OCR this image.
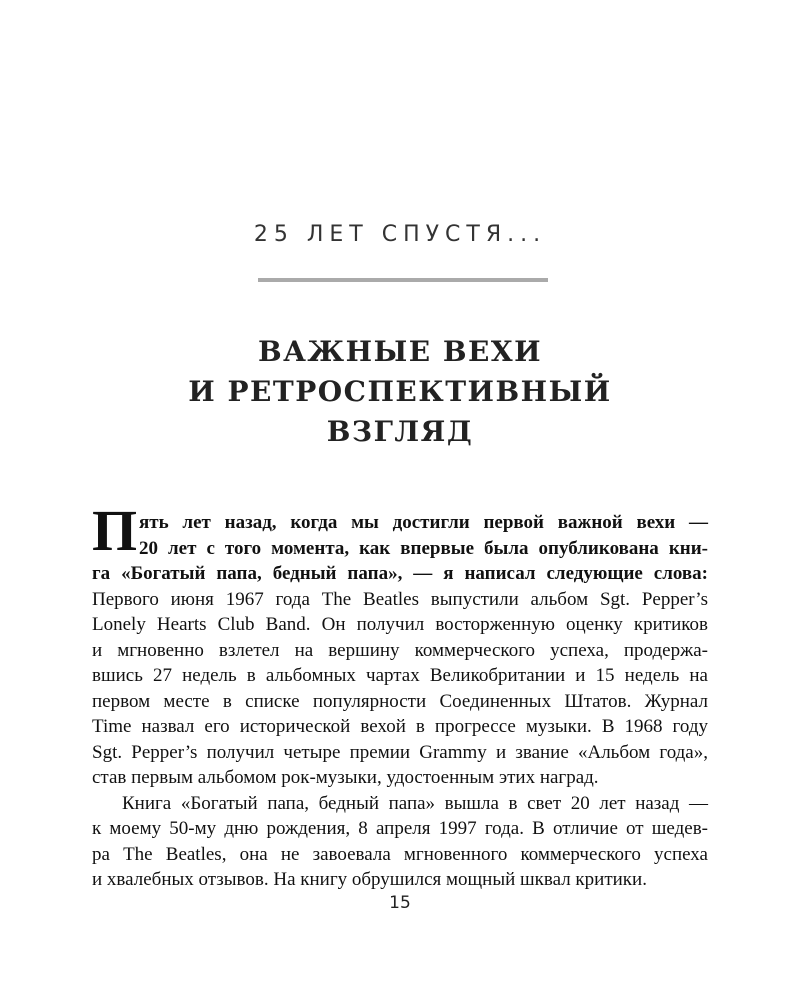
25 ЛЕТ СПУСТЯ...
ВАЖНЫЕ ВЕХИ
И РЕТРОСПЕКТИВНЫЙ
ВЗГЛЯД
П ять лет назад, когда мы достигли первой важной вехи —
20 лет с того момента, как впервые была опубликована кни-
га «Богатый папа, бедный папа», — я написал следующие слова:
Первого июня 1967 года The Beatles выпустили альбом Sgt. Pepper’s
Lonely Hearts Club Band. Он получил восторженную оценку критиков
и мгновенно взлетел на вершину коммерческого успеха, продержа-
вшись 27 недель в альбомных чартах Великобритании и 15 недель на
первом месте в списке популярности Соединенных Штатов. Журнал
Time назвал его исторической вехой в прогрессе музыки. В 1968 году
Sgt. Pepper’s получил четыре премии Grammy и звание «Альбом года»,
став первым альбомом рок-музыки, удостоенным этих наград.
Книга «Богатый папа, бедный папа» вышла в свет 20 лет назад —
к моему 50-му дню рождения, 8 апреля 1997 года. В отличие от шедев-
ра The Beatles, она не завоевала мгновенного коммерческого успеха
и хвалебных отзывов. На книгу обрушился мощный шквал критики.
15
